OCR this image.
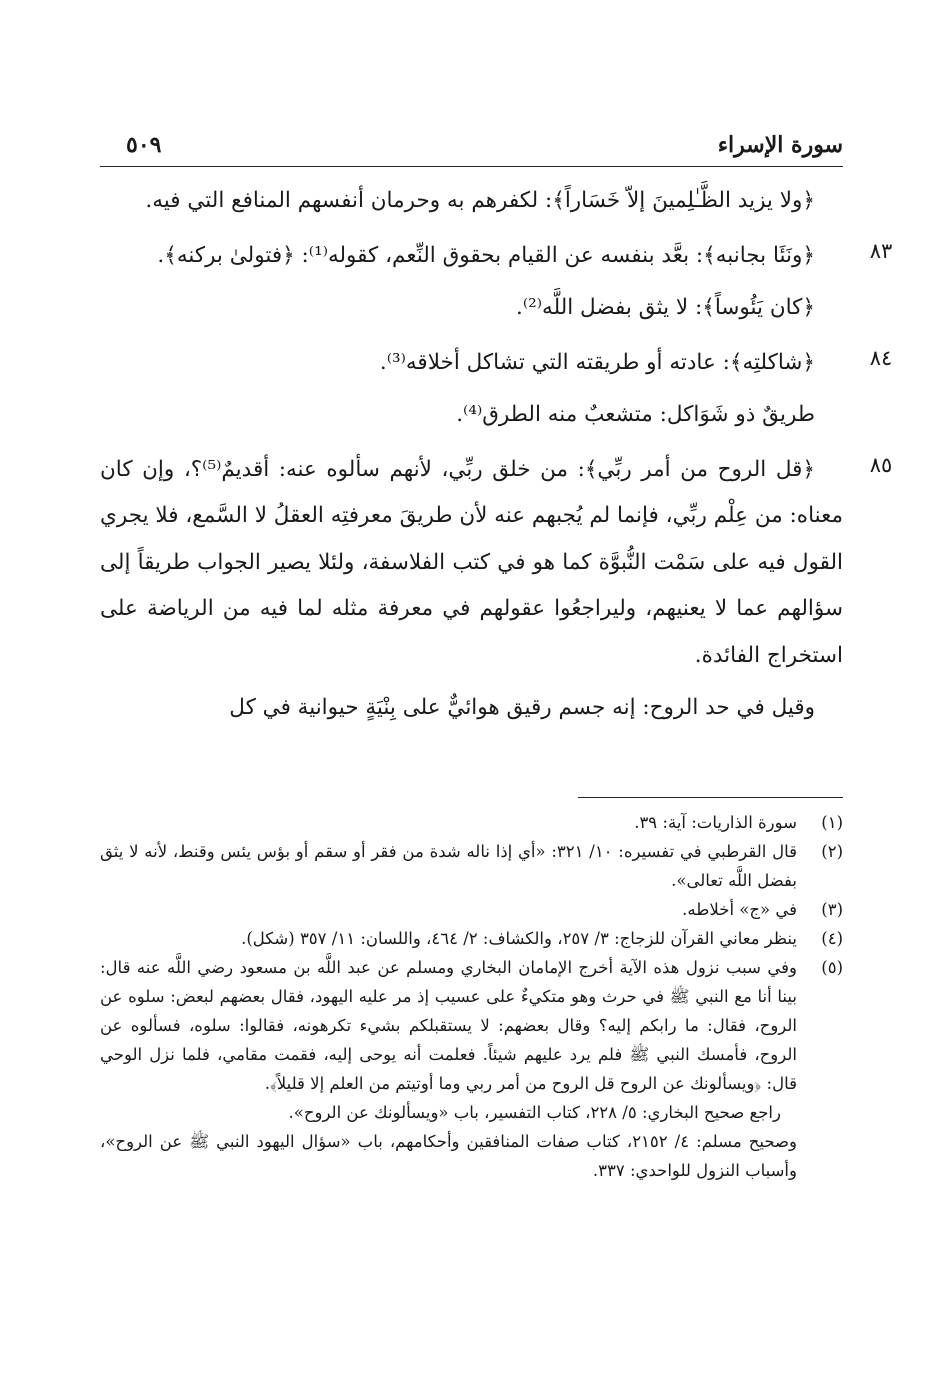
سورة الإسراء
٥٠٩

﴿ولا يزيد الظَّـٰلِمينَ إلاّ خَسَاراً﴾: لكفرهم به وحرمان أنفسهم المنافع التي فيه.

٨٣

﴿ونَئَا بجانبه﴾: بعَّد بنفسه عن القيام بحقوق النِّعم، كقوله⁽¹⁾: ﴿فتولىٰ بركنه﴾.

﴿كان يَئُوساً﴾: لا يثق بفضل اللَّه⁽²⁾.

٨٤

﴿شاكلتِه﴾: عادته أو طريقته التي تشاكل أخلاقه⁽³⁾.

طريقٌ ذو شَوَاكل: متشعبٌ منه الطرق⁽⁴⁾.

٨٥

﴿قل الروح من أمر ربِّي﴾: من خلق ربِّي، لأنهم سألوه عنه: أقديمٌ⁽⁵⁾؟، وإن كان معناه: من عِلْم ربِّي، فإنما لم يُجبهم عنه لأن طريقَ معرفتِه العقلُ لا السَّمع، فلا يجري القول فيه على سَمْت النُّبوَّة كما هو في كتب الفلاسفة، ولئلا يصير الجواب طريقاً إلى سؤالهم عما لا يعنيهم، وليراجعُوا عقولهم في معرفة مثله لما فيه من الرياضة على استخراج الفائدة.

وقيل في حد الروح: إنه جسم رقيق هوائيٌّ على بِنْيَةٍ حيوانية في كل

(١)
سورة الذاريات: آية: ٣٩.
(٢)
قال القرطبي في تفسيره: ١٠/ ٣٢١: «أي إذا ناله شدة من فقر أو سقم أو بؤس يئس وقنط، لأنه لا يثق بفضل اللَّه تعالى».
(٣)
في «ج» أخلاطه.
(٤)
ينظر معاني القرآن للزجاج: ٣/ ٢٥٧، والكشاف: ٢/ ٤٦٤، واللسان: ١١/ ٣٥٧ (شكل).
(٥)
وفي سبب نزول هذه الآية أخرج الإمامان البخاري ومسلم عن عبد اللَّه بن مسعود رضي اللَّه عنه قال: بينا أنا مع النبي ﷺ في حرث وهو متكيءٌ على عسيب إذ مر عليه اليهود، فقال بعضهم لبعض: سلوه عن الروح، فقال: ما رابكم إليه؟ وقال بعضهم: لا يستقبلكم بشيء تكرهونه، فقالوا: سلوه، فسألوه عن الروح، فأمسك النبي ﷺ فلم يرد عليهم شيئاً. فعلمت أنه يوحى إليه، فقمت مقامي، فلما نزل الوحي قال: ﴿ويسألونك عن الروح قل الروح من أمر ربي وما أوتيتم من العلم إلا قليلاً﴾.
راجع صحيح البخاري: ٥/ ٢٢٨، كتاب التفسير، باب «ويسألونك عن الروح».
وصحيح مسلم: ٤/ ٢١٥٢، كتاب صفات المنافقين وأحكامهم، باب «سؤال اليهود النبي ﷺ عن الروح»، وأسباب النزول للواحدي: ٣٣٧.
